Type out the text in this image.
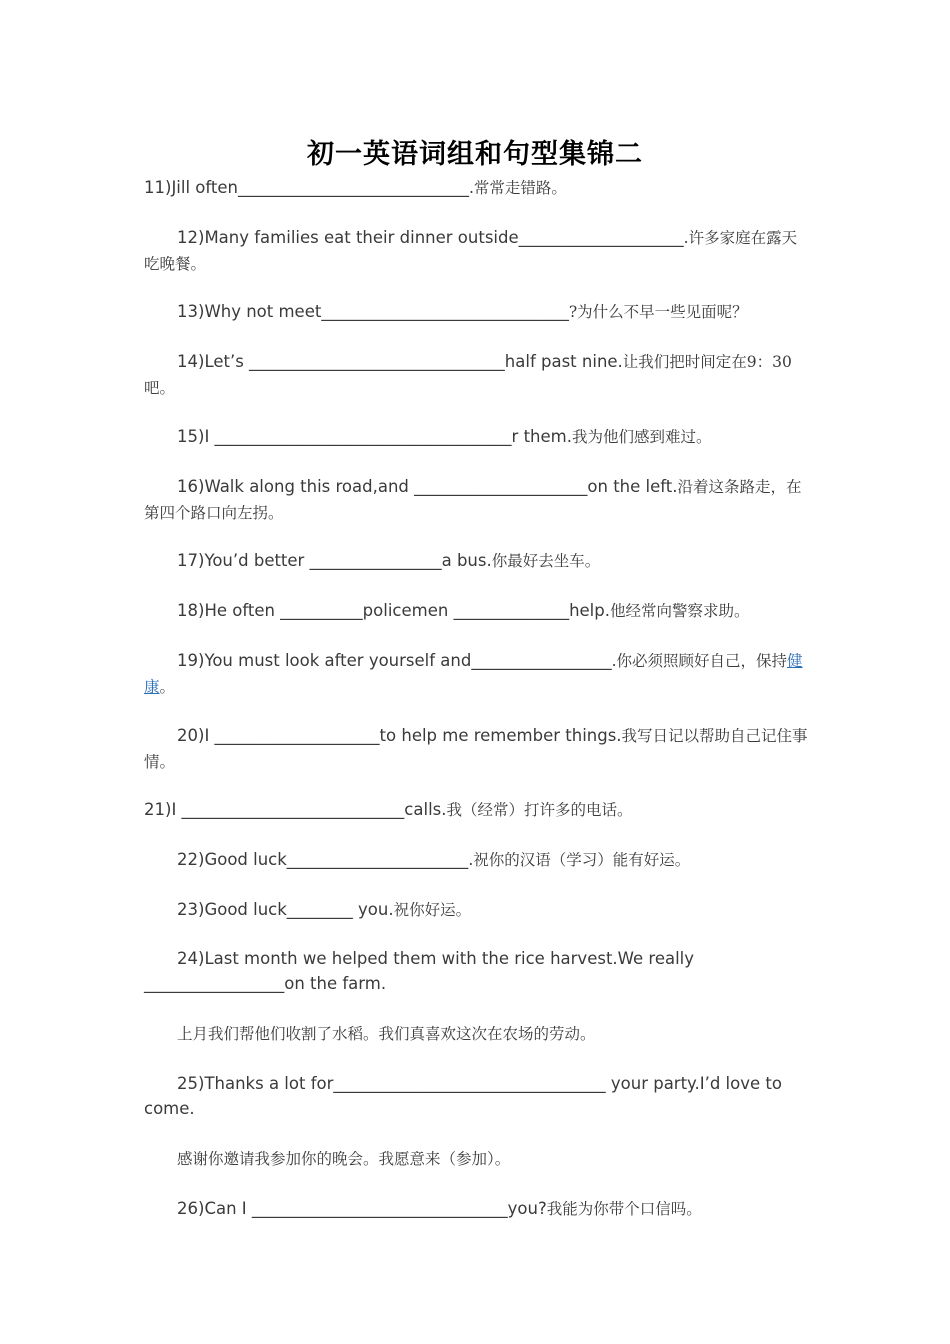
初一英语词组和句型集锦二
11)Jill often____________________________.常常走错路。
12)Many families eat their dinner outside____________________.许多家庭在露天吃晚餐。
13)Why not meet______________________________?为什么不早一些见面呢？
14)Let’s _______________________________half past nine.让我们把时间定在9：30吧。
15)I ____________________________________r them.我为他们感到难过。
16)Walk along this road,and _____________________on the left.沿着这条路走，在第四个路口向左拐。
17)You’d better ________________a bus.你最好去坐车。
18)He often __________policemen ______________help.他经常向警察求助。
19)You must look after yourself and_________________.你必须照顾好自己，保持健康。
20)I ____________________to help me remember things.我写日记以帮助自己记住事情。
21)I ___________________________calls.我（经常）打许多的电话。
22)Good luck______________________.祝你的汉语（学习）能有好运。
23)Good luck________ you.祝你好运。
24)Last month we helped them with the rice harvest.We really _________________on the farm.
上月我们帮他们收割了水稻。我们真喜欢这次在农场的劳动。
25)Thanks a lot for_________________________________ your party.I’d love to come.
感谢你邀请我参加你的晚会。我愿意来（参加）。
26)Can I _______________________________you?我能为你带个口信吗。
